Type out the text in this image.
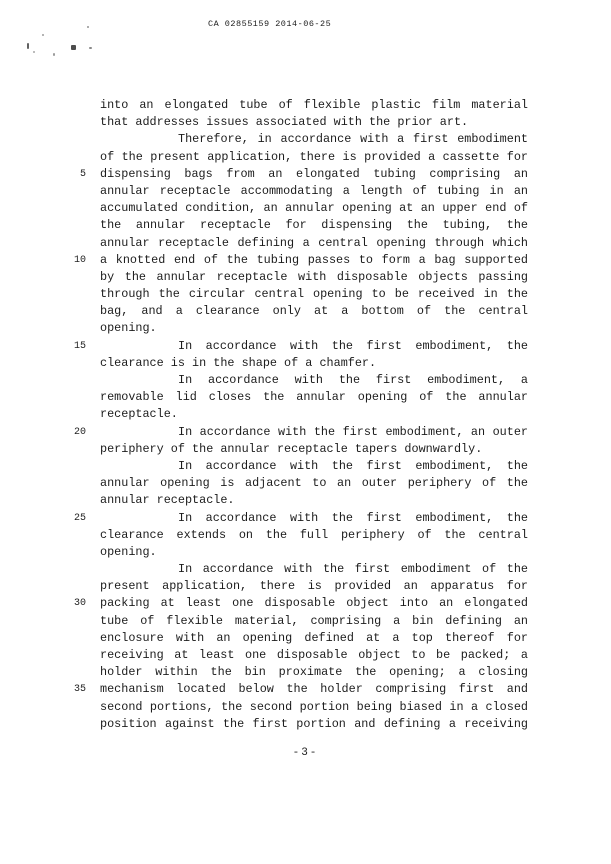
CA 02855159 2014-06-25
into an elongated tube of flexible plastic film material
that addresses issues associated with the prior art.
Therefore, in accordance with a first embodiment
of the present application, there is provided a cassette for
5 dispensing bags from an elongated tubing comprising an
annular receptacle accommodating a length of tubing in an
accumulated condition, an annular opening at an upper end of
the annular receptacle for dispensing the tubing, the
annular receptacle defining a central opening through which
10 a knotted end of the tubing passes to form a bag supported
by the annular receptacle with disposable objects passing
through the circular central opening to be received in the
bag, and a clearance only at a bottom of the central
opening.
15	In accordance with the first embodiment, the
clearance is in the shape of a chamfer.
In accordance with the first embodiment, a
removable lid closes the annular opening of the annular
receptacle.
20	In accordance with the first embodiment, an outer
periphery of the annular receptacle tapers downwardly.
In accordance with the first embodiment, the
annular opening is adjacent to an outer periphery of the
annular receptacle.
25	In accordance with the first embodiment, the
clearance extends on the full periphery of the central
opening.
In accordance with the first embodiment of the
present application, there is provided an apparatus for
30 packing at least one disposable object into an elongated
tube of flexible material, comprising a bin defining an
enclosure with an opening defined at a top thereof for
receiving at least one disposable object to be packed; a
holder within the bin proximate the opening; a closing
35 mechanism located below the holder comprising first and
second portions, the second portion being biased in a closed
position against the first portion and defining a receiving
-3-
